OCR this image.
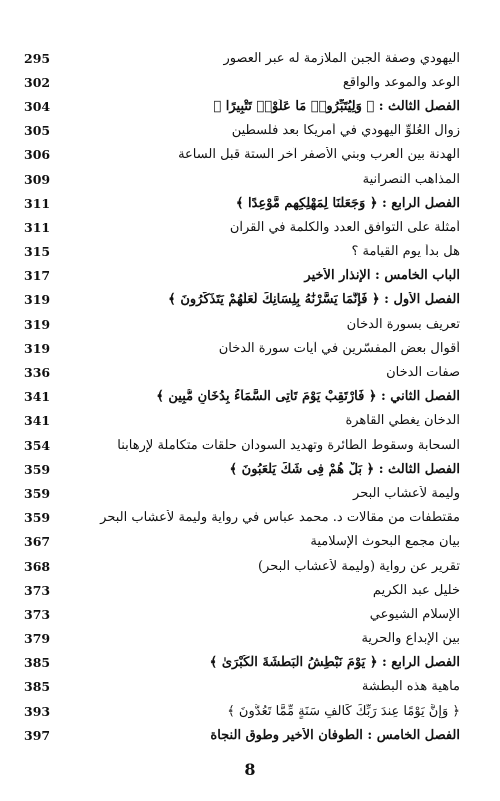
295	اليهودي وصفة الجبن الملازمة له عبر العصور
302	الوعد والموعد والواقع
304	الفصل الثالث : ﴿ وَلِيُتَبِّرُوا۟ مَا عَلَوْا۟ تَتْبِيرًا ﴾
305	زوال العُلوِّ اليهودي في أمريكا بعد فلسطين
306	الهدنة بين العرب وبني الأصفر آخر الستة قبل الساعة
309	المذاهب النصرانية
311	الفصل الرابع : ﴿ وَجَعَلْنَا لِمَهْلِكِهِم مَّوْعِدًا ﴾
311	أمثلة على التوافق العدد والكلمة في القرآن
315	هل بدأ يوم القيامة ؟
317	الباب الخامس : الإنذار الأخير
319	الفصل الأول : ﴿ فَإِنَّمَا يَسَّرْنَٰهُ بِلِسَانِكَ لَعَلَّهُمْ يَتَذَكَّرُونَ ﴾
319	تعريف بسورة الدخان
319	أقوال بعض المفسّرين في آيات سورة الدخان
336	صفات الدخان
341	الفصل الثاني : ﴿ فَارْتَقِبْ يَوْمَ تَأْتِى السَّمَآءُ بِدُخَانٍ مُّبِينٍ ﴾
341	الدخان يغطي القاهرة
354	السحابة وسقوط الطائرة وتهديد السودان حلقات متكاملة لإرهابنا
359	الفصل الثالث : ﴿ بَلْ هُمْ فِى شَكٍّ يَلْعَبُونَ ﴾
359	وليمة لأعشاب البحر
359	مقتطفات من مقالات د. محمد عباس في رواية وليمة لأعشاب البحر
367	بيان مجمع البحوث الإسلامية
368	تقرير عن رواية (وليمة لأعشاب البحر)
373	خليل عبد الكريم
373	الإسلام الشيوعي
379	بين الإبداع والحرية
385	الفصل الرابع : ﴿ يَوْمَ نَبْطِشُ الْبَطْشَةَ الْكُبْرَىٰ ﴾
385	ماهية هذه البطشة
393	﴿ وَإِنَّ يَوْمًا عِندَ رَبِّكَ كَأَلْفِ سَنَةٍ مِّمَّا تَعُدُّونَ ﴾
397	الفصل الخامس : الطوفان الأخير وطوق النجاة
8
